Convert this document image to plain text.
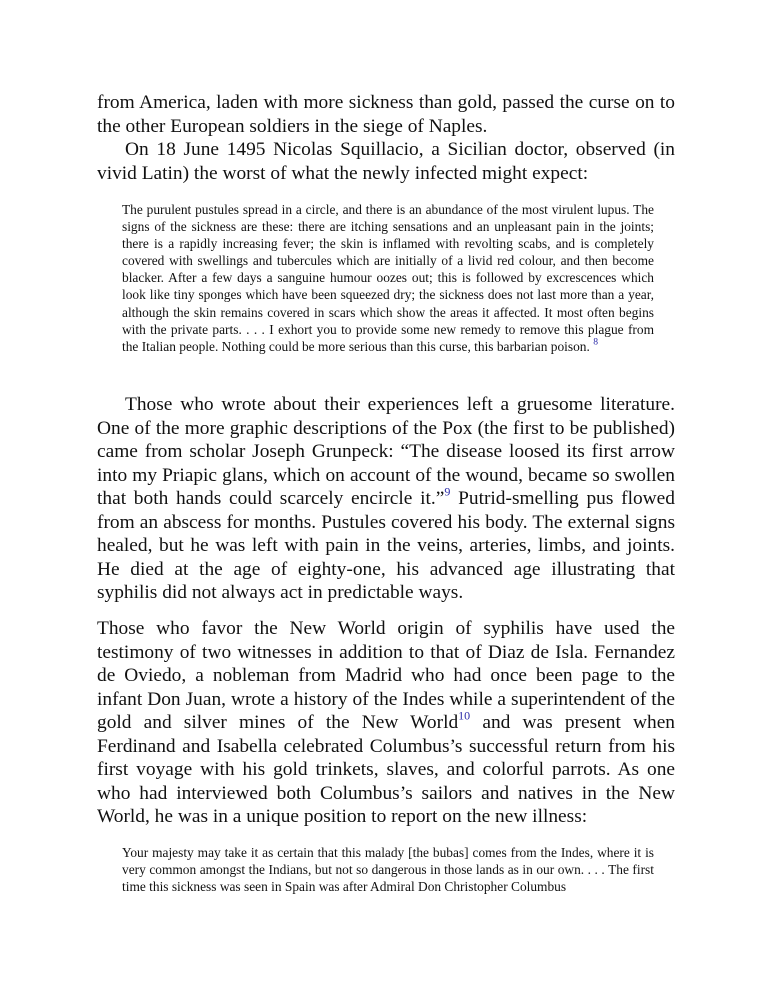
from America, laden with more sickness than gold, passed the curse on to the other European soldiers in the siege of Naples.

On 18 June 1495 Nicolas Squillacio, a Sicilian doctor, observed (in vivid Latin) the worst of what the newly infected might expect:

The purulent pustules spread in a circle, and there is an abundance of the most virulent lupus. The signs of the sickness are these: there are itching sensations and an unpleasant pain in the joints; there is a rapidly increasing fever; the skin is inflamed with revolting scabs, and is completely covered with swellings and tubercules which are initially of a livid red colour, and then become blacker. After a few days a sanguine humour oozes out; this is followed by excrescences which look like tiny sponges which have been squeezed dry; the sickness does not last more than a year, although the skin remains covered in scars which show the areas it affected. It most often begins with the private parts. . . . I exhort you to provide some new remedy to remove this plague from the Italian people. Nothing could be more serious than this curse, this barbarian poison. $^8$

Those who wrote about their experiences left a gruesome literature. One of the more graphic descriptions of the Pox (the first to be published) came from scholar Joseph Grunpeck: “The disease loosed its first arrow into my Priapic glans, which on account of the wound, became so swollen that both hands could scarcely encircle it.”$^9$ Putrid-smelling pus flowed from an abscess for months. Pustules covered his body. The external signs healed, but he was left with pain in the veins, arteries, limbs, and joints. He died at the age of eighty-one, his advanced age illustrating that syphilis did not always act in predictable ways.

Those who favor the New World origin of syphilis have used the testimony of two witnesses in addition to that of Diaz de Isla. Fernandez de Oviedo, a nobleman from Madrid who had once been page to the infant Don Juan, wrote a history of the Indes while a superintendent of the gold and silver mines of the New World$^{10}$ and was present when Ferdinand and Isabella celebrated Columbus’s successful return from his first voyage with his gold trinkets, slaves, and colorful parrots. As one who had interviewed both Columbus’s sailors and natives in the New World, he was in a unique position to report on the new illness:

Your majesty may take it as certain that this malady [the bubas] comes from the Indes, where it is very common amongst the Indians, but not so dangerous in those lands as in our own. . . . The first time this sickness was seen in Spain was after Admiral Don Christopher Columbus
